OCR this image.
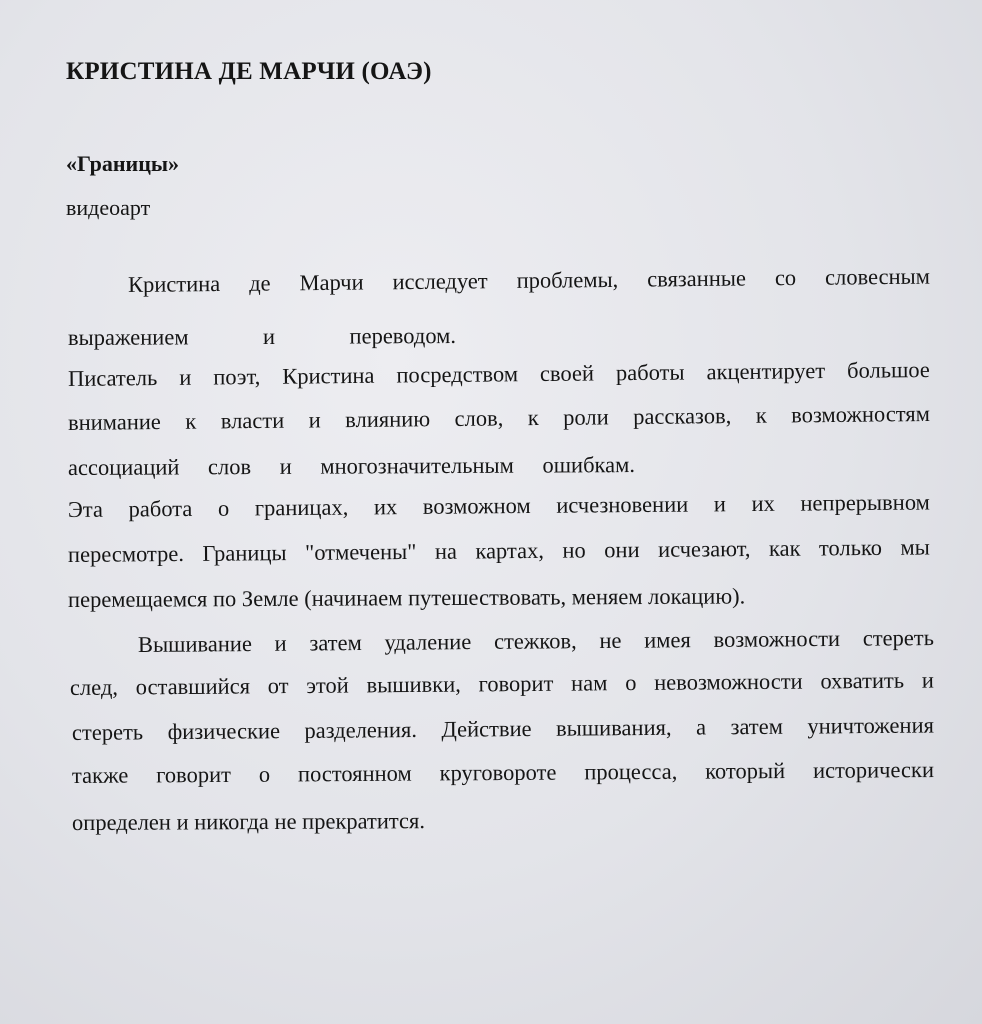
КРИСТИНА ДЕ МАРЧИ (ОАЭ)
«Границы»
видеоарт
Кристина де Марчи исследует проблемы, связанные со словесным
выражением	и	переводом.
Писатель и поэт, Кристина посредством своей работы акцентирует большое
внимание к власти и влиянию слов, к роли рассказов, к возможностям
ассоциаций слов и многозначительным ошибкам.
Эта работа о границах, их возможном исчезновении и их непрерывном
пересмотре. Границы "отмечены" на картах, но они исчезают, как только мы
перемещаемся по Земле (начинаем путешествовать, меняем локацию).
Вышивание и затем удаление стежков, не имея возможности стереть
след, оставшийся от этой вышивки, говорит нам о невозможности охватить и
стереть физические разделения. Действие вышивания, а затем уничтожения
также говорит о постоянном круговороте процесса, который исторически
определен и никогда не прекратится.
